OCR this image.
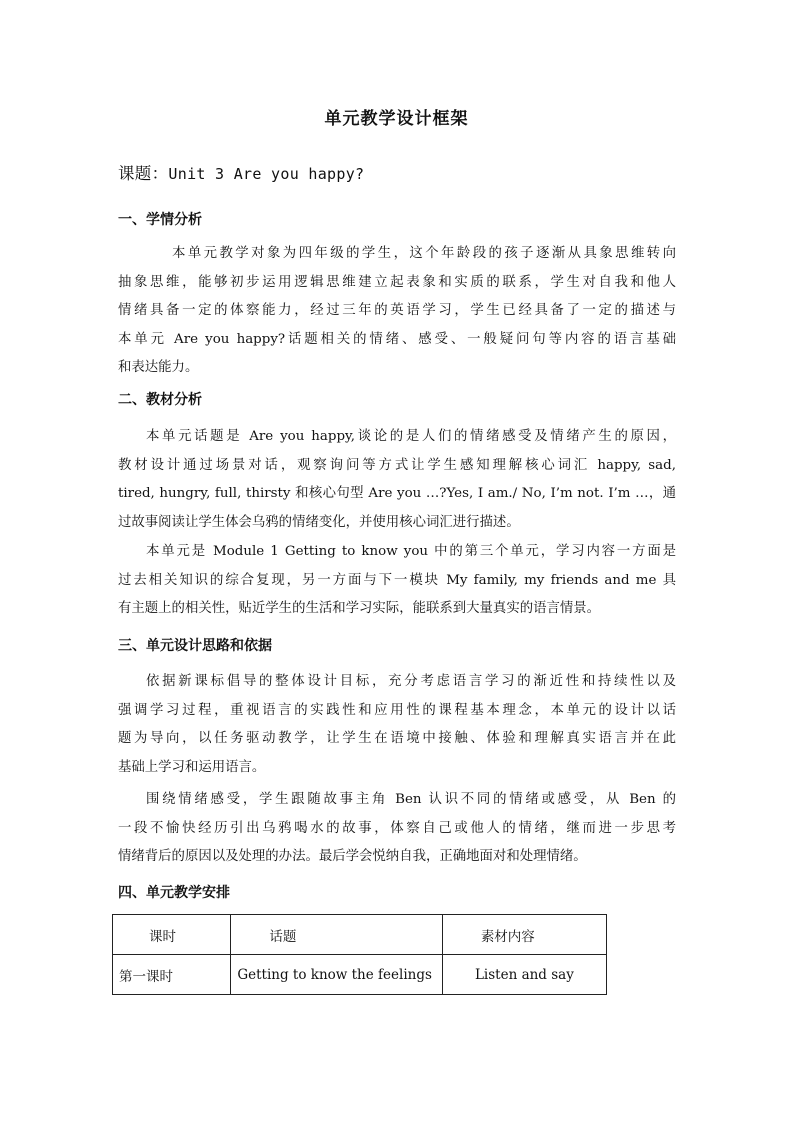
单元教学设计框架
课题：Unit 3 Are you happy?
一、学情分析
本单元教学对象为四年级的学生，这个年龄段的孩子逐渐从具象思维转向
抽象思维，能够初步运用逻辑思维建立起表象和实质的联系，学生对自我和他人
情绪具备一定的体察能力，经过三年的英语学习，学生已经具备了一定的描述与
本单元 Are you happy?话题相关的情绪、感受、一般疑问句等内容的语言基础
和表达能力。
二、教材分析
本单元话题是 Are you happy,谈论的是人们的情绪感受及情绪产生的原因，
教材设计通过场景对话，观察询问等方式让学生感知理解核心词汇 happy, sad,
tired, hungry, full, thirsty 和核心句型 Are you …?Yes, I am./ No, I’m not. I’m …，通
过故事阅读让学生体会乌鸦的情绪变化，并使用核心词汇进行描述。
本单元是 Module 1 Getting to know you 中的第三个单元，学习内容一方面是
过去相关知识的综合复现，另一方面与下一模块 My family, my friends and me 具
有主题上的相关性，贴近学生的生活和学习实际，能联系到大量真实的语言情景。
三、单元设计思路和依据
依据新课标倡导的整体设计目标，充分考虑语言学习的渐近性和持续性以及
强调学习过程，重视语言的实践性和应用性的课程基本理念，本单元的设计以话
题为导向，以任务驱动教学，让学生在语境中接触、体验和理解真实语言并在此
基础上学习和运用语言。
围绕情绪感受，学生跟随故事主角 Ben 认识不同的情绪或感受，从 Ben 的
一段不愉快经历引出乌鸦喝水的故事，体察自己或他人的情绪，继而进一步思考
情绪背后的原因以及处理的办法。最后学会悦纳自我，正确地面对和处理情绪。
四、单元教学安排
课时	话题	素材内容
第一课时	Getting to know the feelings	Listen and say
